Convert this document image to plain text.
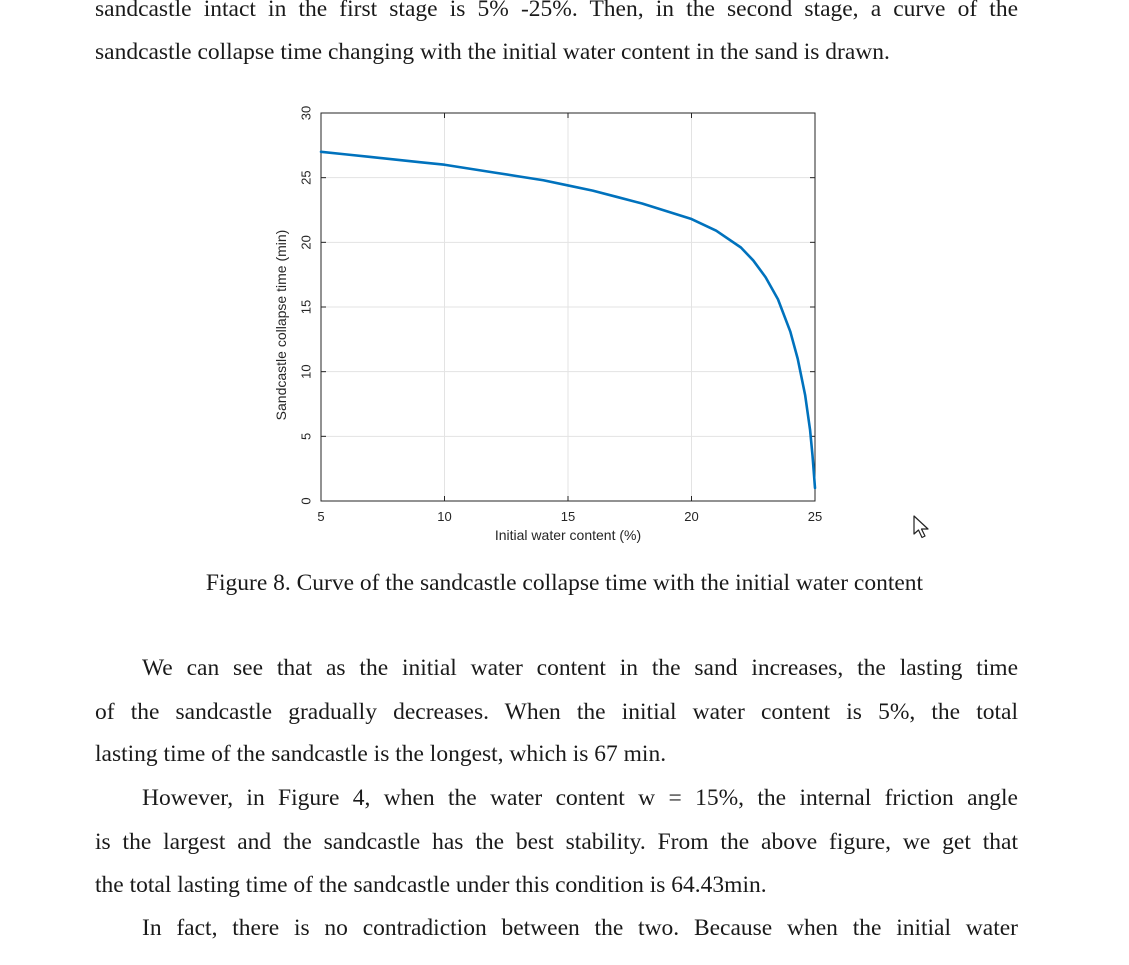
sandcastle intact in the first stage is 5% -25%. Then, in the second stage, a curve of the

sandcastle collapse time changing with the initial water content in the sand is drawn.

5	10	15	20	25
0
5
10
15
20
25
30
Initial water content (%)
Sandcastle collapse time (min)
Figure 8. Curve of the sandcastle collapse time with the initial water content

We can see that as the initial water content in the sand increases, the lasting time

of the sandcastle gradually decreases. When the initial water content is 5%, the total

lasting time of the sandcastle is the longest, which is 67 min.

However, in Figure 4, when the water content w = 15%, the internal friction angle

is the largest and the sandcastle has the best stability. From the above figure, we get that

the total lasting time of the sandcastle under this condition is 64.43min.

In fact, there is no contradiction between the two. Because when the initial water
